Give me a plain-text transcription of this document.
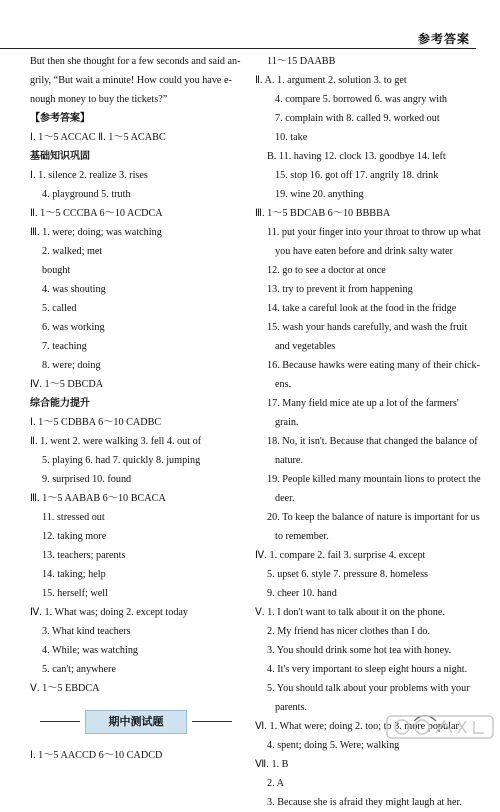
参考答案
But then she thought for a few seconds and said an-
grily, “But wait a minute! How could you have e-
nough money to buy the tickets?”
【参考答案】
Ⅰ. 1～5 ACCAC Ⅱ. 1～5 ACABC
基础知识巩固
Ⅰ. 1. silence 2. realize 3. rises
4. playground 5. truth
Ⅱ. 1～5 CCCBA 6～10 ACDCA
Ⅲ. 1. were; doing; was watching
2. walked; met
bought
4. was shouting
5. called
6. was working
7. teaching
8. were; doing
Ⅳ. 1～5 DBCDA
综合能力提升
Ⅰ. 1～5 CDBBA 6～10 CADBC
Ⅱ. 1. went 2. were walking 3. fell 4. out of
5. playing 6. had 7. quickly 8. jumping
9. surprised 10. found
Ⅲ. 1～5 AABAB 6～10 BCACA
11. stressed out
12. taking more
13. teachers; parents
14. taking; help
15. herself; well
Ⅳ. 1. What was; doing 2. except today
3. What kind teachers
4. While; was watching
5. can't; anywhere
Ⅴ. 1～5 EBDCA
期中测试题
Ⅰ. 1～5 AACCD 6～10 CADCD
11～15 DAABB
Ⅱ. A. 1. argument 2. solution 3. to get
4. compare 5. borrowed 6. was angry with
7. complain with 8. called 9. worked out
10. take
B. 11. having 12. clock 13. goodbye 14. left
15. stop 16. got off 17. angrily 18. drink
19. wine 20. anything
Ⅲ. 1～5 BDCAB 6～10 BBBBA
11. put your finger into your throat to throw up what
you have eaten before and drink salty water
12. go to see a doctor at once
13. try to prevent it from happening
14. take a careful look at the food in the fridge
15. wash your hands carefully, and wash the fruit
and vegetables
16. Because hawks were eating many of their chick-
ens.
17. Many field mice ate up a lot of the farmers'
grain.
18. No, it isn't. Because that changed the balance of
nature.
19. People killed many mountain lions to protect the
deer.
20. To keep the balance of nature is important for us
to remember.
Ⅳ. 1. compare 2. fail 3. surprise 4. except
5. upset 6. style 7. pressure 8. homeless
9. cheer 10. hand
Ⅴ. 1. I don't want to talk about it on the phone.
2. My friend has nicer clothes than I do.
3. You should drink some hot tea with honey.
4. It's very important to sleep eight hours a night.
5. You should talk about your problems with your
parents.
Ⅵ. 1. What were; doing 2. too; to 3. more popular
4. spent; doing 5. Were; walking
Ⅶ. 1. B
2. A
3. Because she is afraid they might laugh at her.
